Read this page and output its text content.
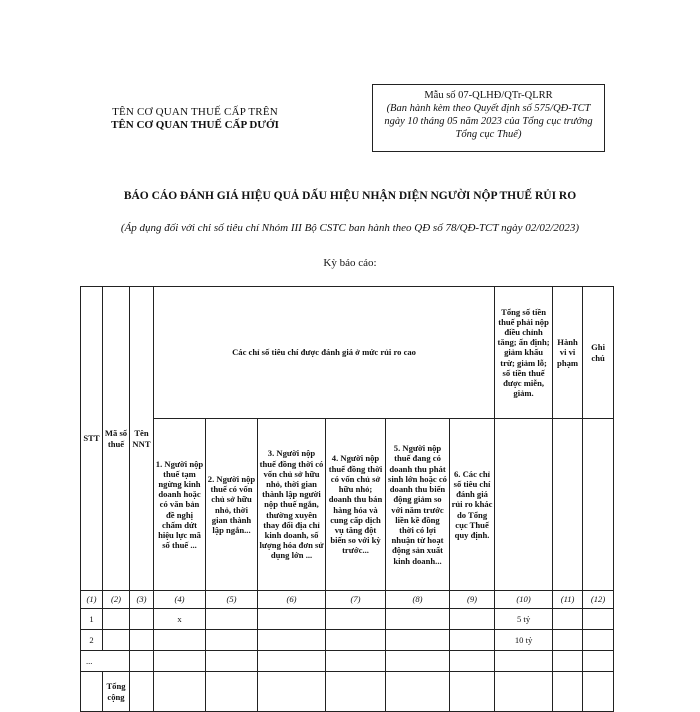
TÊN CƠ QUAN THUẾ CẤP TRÊN
TÊN CƠ QUAN THUẾ CẤP DƯỚI
Mẫu số 07-QLHĐ/QTr-QLRR
(Ban hành kèm theo Quyết định số 575/QĐ-TCT ngày 10 tháng 05 năm 2023 của Tổng cục trưởng Tổng cục Thuế)
BÁO CÁO ĐÁNH GIÁ HIỆU QUẢ DẤU HIỆU NHẬN DIỆN NGƯỜI NỘP THUẾ RỦI RO
(Áp dụng đối với chỉ số tiêu chí Nhóm III Bộ CSTC ban hành theo QĐ số 78/QĐ-TCT ngày 02/02/2023)
Kỳ báo cáo:
STT	Mã số thuế	Tên NNT	Các chỉ số tiêu chí được đánh giá ở mức rủi ro cao						Tổng số tiền thuế phải nộp điều chỉnh tăng; ấn định; giảm khấu trừ; giảm lỗ; số tiền thuế được miễn, giảm.	Hành vi vi phạm	Ghi chú
			1. Người nộp thuế tạm ngừng kinh doanh hoặc có văn bản đề nghị chấm dứt hiệu lực mã số thuế ...	2. Người nộp thuế có vốn chủ sở hữu nhỏ, thời gian thành lập ngắn...	3. Người nộp thuế đồng thời có vốn chủ sở hữu nhỏ, thời gian thành lập người nộp thuế ngắn, thường xuyên thay đổi địa chỉ kinh doanh, số lượng hóa đơn sử dụng lớn ...	4. Người nộp thuế đồng thời có vốn chủ sở hữu nhỏ; doanh thu bán hàng hóa và cung cấp dịch vụ tăng đột biến so với kỳ trước...	5. Người nộp thuế đang có doanh thu phát sinh lớn hoặc có doanh thu biến động giảm so với năm trước liền kề đồng thời có lợi nhuận từ hoạt động sản xuất kinh doanh...	6. Các chỉ số tiêu chí đánh giá rủi ro khác do Tổng cục Thuế quy định.			
(1)	(2)	(3)	(4)	(5)	(6)	(7)	(8)	(9)	(10)	(11)	(12)
1			x						5 tỷ		
2									10 tỷ		
...											
	Tổng cộng										
